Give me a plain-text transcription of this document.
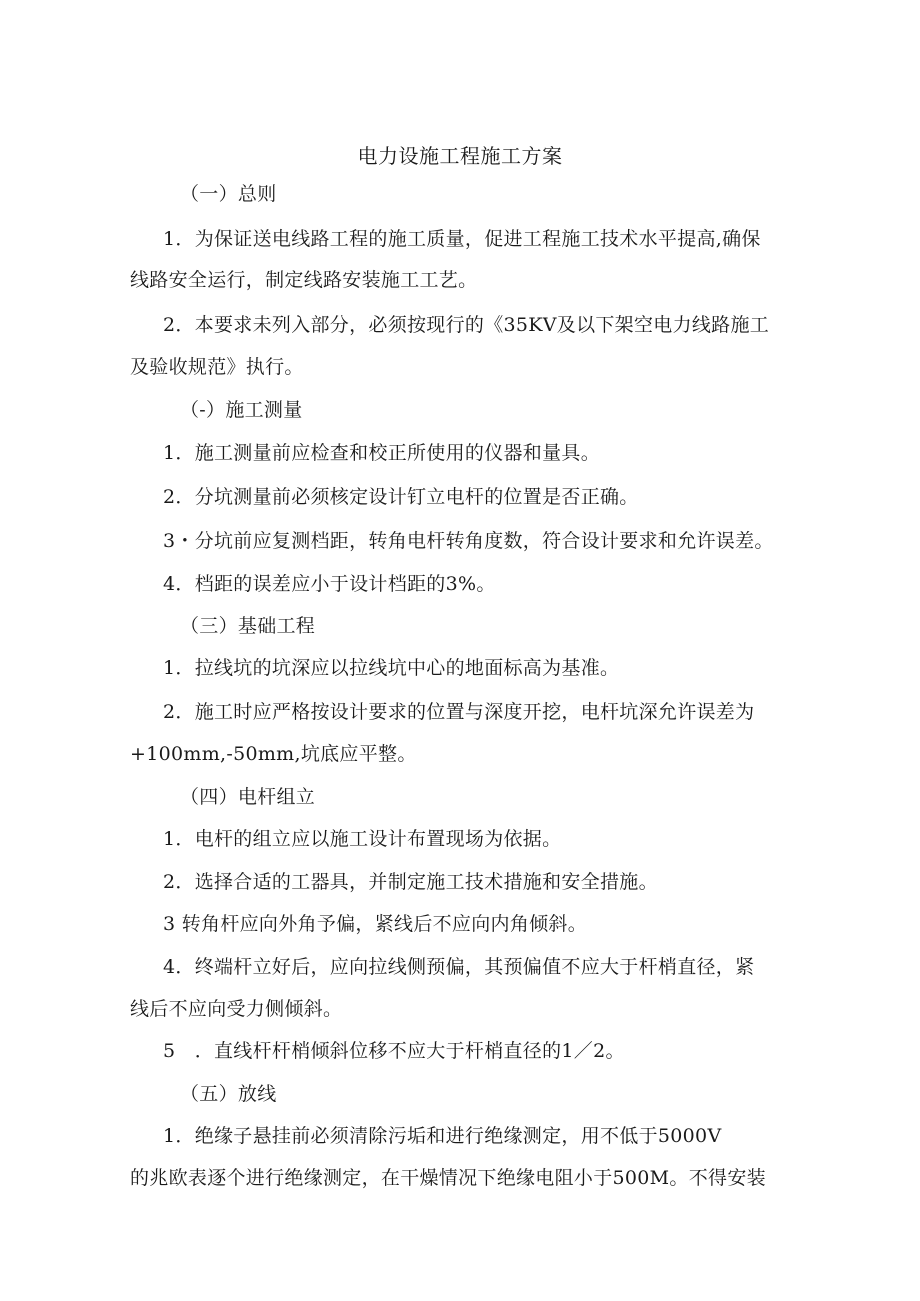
电力设施工程施工方案
（一）总则
1．为保证送电线路工程的施工质量，促进工程施工技术水平提高,确保
线路安全运行，制定线路安装施工工艺。
2．本要求未列入部分，必须按现行的《35KV及以下架空电力线路施工
及验收规范》执行。
（-）施工测量
1．施工测量前应检查和校正所使用的仪器和量具。
2．分坑测量前必须核定设计钉立电杆的位置是否正确。
3・分坑前应复测档距，转角电杆转角度数，符合设计要求和允许误差。
4．档距的误差应小于设计档距的3%。
（三）基础工程
1．拉线坑的坑深应以拉线坑中心的地面标高为基准。
2．施工时应严格按设计要求的位置与深度开挖，电杆坑深允许误差为
+100mm,-50mm,坑底应平整。
（四）电杆组立
1．电杆的组立应以施工设计布置现场为依据。
2．选择合适的工器具，并制定施工技术措施和安全措施。
3 转角杆应向外角予偏，紧线后不应向内角倾斜。
4．终端杆立好后，应向拉线侧预偏，其预偏值不应大于杆梢直径，紧
线后不应向受力侧倾斜。
5　．直线杆杆梢倾斜位移不应大于杆梢直径的1／2。
（五）放线
1．绝缘子悬挂前必须清除污垢和进行绝缘测定，用不低于5000V
的兆欧表逐个进行绝缘测定，在干燥情况下绝缘电阻小于500M。不得安装
